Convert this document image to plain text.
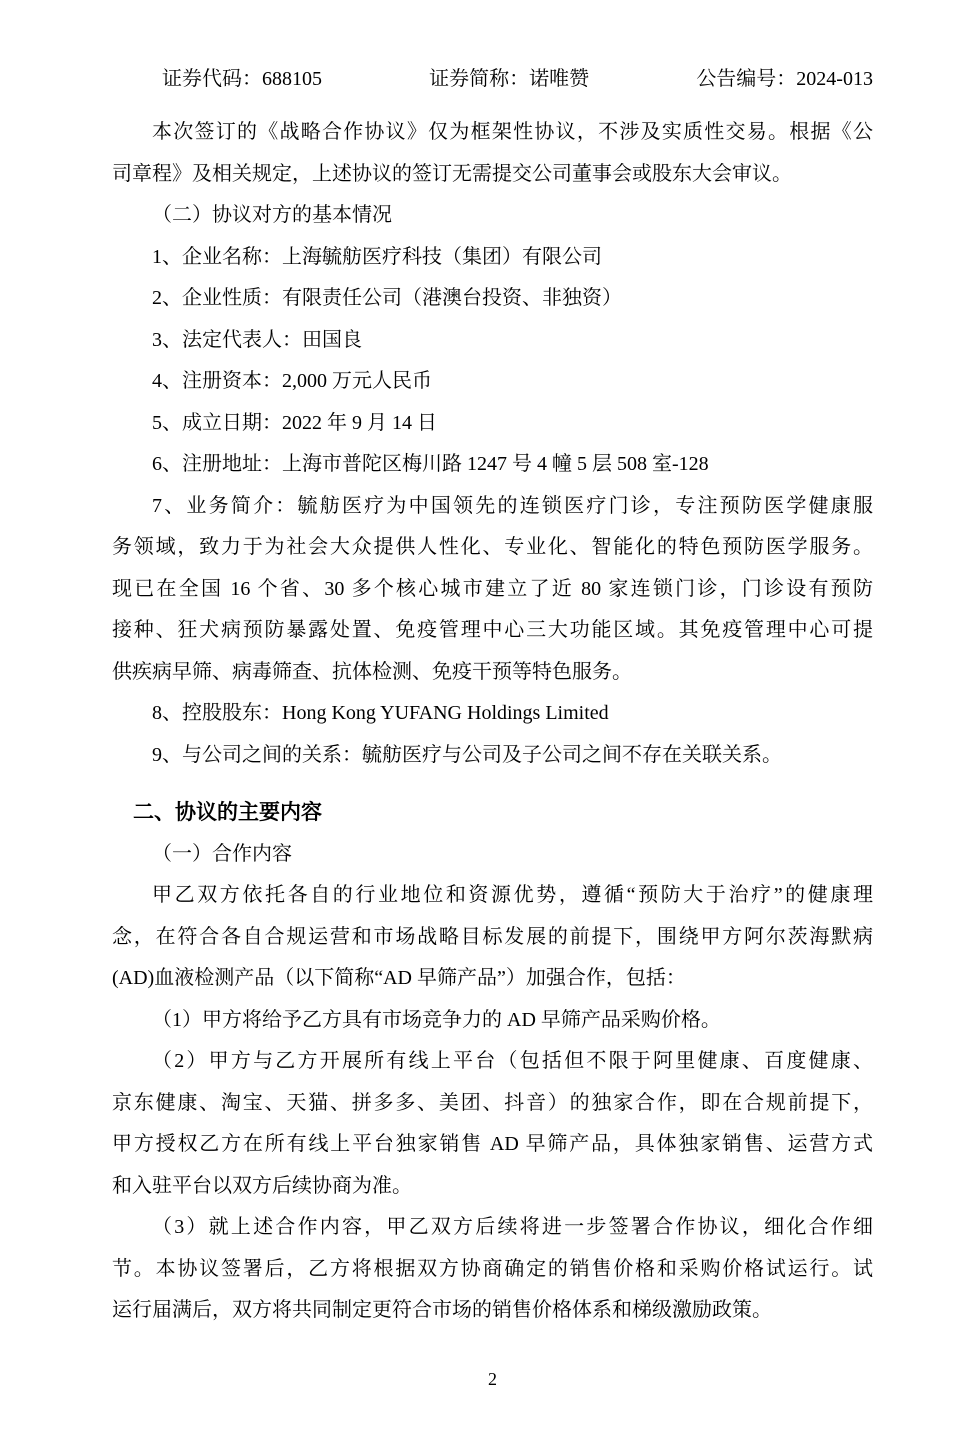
证券代码：688105	证券简称：诺唯赞	公告编号：2024-013
本次签订的《战略合作协议》仅为框架性协议，不涉及实质性交易。根据《公
司章程》及相关规定，上述协议的签订无需提交公司董事会或股东大会审议。
（二）协议对方的基本情况
1、企业名称：上海毓舫医疗科技（集团）有限公司
2、企业性质：有限责任公司（港澳台投资、非独资）
3、法定代表人：田国良
4、注册资本：2,000 万元人民币
5、成立日期：2022 年 9 月 14 日
6、注册地址：上海市普陀区梅川路 1247 号 4 幢 5 层 508 室-128
7、业务简介：毓舫医疗为中国领先的连锁医疗门诊，专注预防医学健康服
务领域，致力于为社会大众提供人性化、专业化、智能化的特色预防医学服务。
现已在全国 16 个省、30 多个核心城市建立了近 80 家连锁门诊，门诊设有预防
接种、狂犬病预防暴露处置、免疫管理中心三大功能区域。其免疫管理中心可提
供疾病早筛、病毒筛查、抗体检测、免疫干预等特色服务。
8、控股股东：Hong Kong YUFANG Holdings Limited
9、与公司之间的关系：毓舫医疗与公司及子公司之间不存在关联关系。
二、协议的主要内容
（一）合作内容
甲乙双方依托各自的行业地位和资源优势，遵循“预防大于治疗”的健康理
念，在符合各自合规运营和市场战略目标发展的前提下，围绕甲方阿尔茨海默病
(AD)血液检测产品（以下简称“AD 早筛产品”）加强合作，包括：
（1）甲方将给予乙方具有市场竞争力的 AD 早筛产品采购价格。
（2）甲方与乙方开展所有线上平台（包括但不限于阿里健康、百度健康、
京东健康、淘宝、天猫、拼多多、美团、抖音）的独家合作，即在合规前提下，
甲方授权乙方在所有线上平台独家销售 AD 早筛产品，具体独家销售、运营方式
和入驻平台以双方后续协商为准。
（3）就上述合作内容，甲乙双方后续将进一步签署合作协议，细化合作细
节。本协议签署后，乙方将根据双方协商确定的销售价格和采购价格试运行。试
运行届满后，双方将共同制定更符合市场的销售价格体系和梯级激励政策。
2
